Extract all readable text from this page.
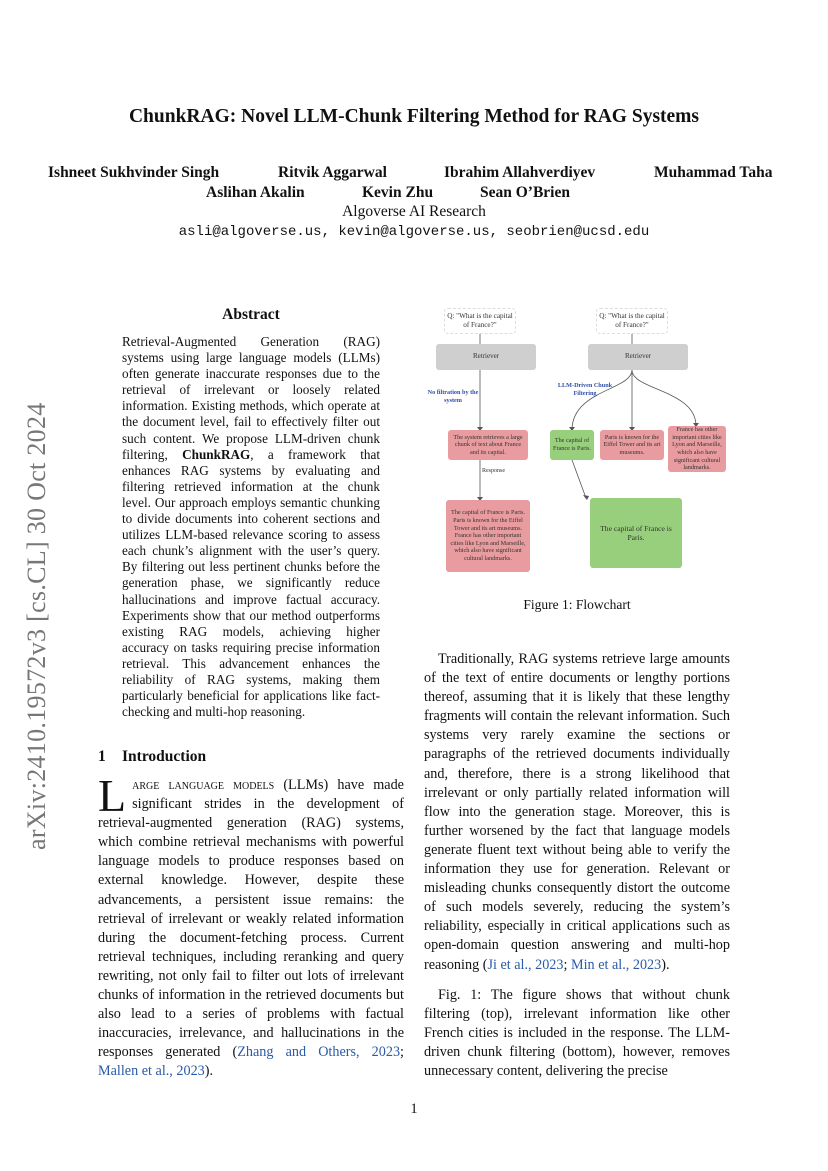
ChunkRAG: Novel LLM-Chunk Filtering Method for RAG Systems
Ishneet Sukhvinder Singh	Ritvik Aggarwal	Ibrahim Allahverdiyev	Muhammad Taha
Aslihan Akalin	Kevin Zhu	Sean O’Brien
Algoverse AI Research
asli@algoverse.us, kevin@algoverse.us, seobrien@ucsd.edu
arXiv:2410.19572v3 [cs.CL] 30 Oct 2024
Abstract
Retrieval-Augmented Generation (RAG) systems using large language models (LLMs) often generate inaccurate responses due to the retrieval of irrelevant or loosely related information. Existing methods, which operate at the document level, fail to effectively filter out such content. We propose LLM-driven chunk filtering, ChunkRAG, a framework that enhances RAG systems by evaluating and filtering retrieved information at the chunk level. Our approach employs semantic chunking to divide documents into coherent sections and utilizes LLM-based relevance scoring to assess each chunk’s alignment with the user’s query. By filtering out less pertinent chunks before the generation phase, we significantly reduce hallucinations and improve factual accuracy. Experiments show that our method outperforms existing RAG models, achieving higher accuracy on tasks requiring precise information retrieval. This advancement enhances the reliability of RAG systems, making them particularly beneficial for applications like fact-checking and multi-hop reasoning.
1 Introduction
Large language models (LLMs) have made significant strides in the development of retrieval-augmented generation (RAG) systems, which combine retrieval mechanisms with powerful language models to produce responses based on external knowledge. However, despite these advancements, a persistent issue remains: the retrieval of irrelevant or weakly related information during the document-fetching process. Current retrieval techniques, including reranking and query rewriting, not only fail to filter out lots of irrelevant chunks of information in the retrieved documents but also lead to a series of problems with factual inaccuracies, irrelevance, and hallucinations in the responses generated (Zhang and Others, 2023; Mallen et al., 2023).
Q: "What is the capital of France?"
Q: "What is the capital of France?"
Retriever	Retriever
No filtration by the system
LLM-Driven Chunk Filtering
The system retrieves a large chunk of text about France and its capital.
Response
The capital of France is Paris. Paris is known for the Eiffel Tower and its art museums. France has other important cities like Lyon and Marseille, which also have significant cultural landmarks.
The capital of France is Paris.
Paris is known for the Eiffel Tower and its art museums.
France has other important cities like Lyon and Marseille, which also have significant cultural landmarks.
The capital of France is Paris.
Figure 1: Flowchart

Traditionally, RAG systems retrieve large amounts of the text of entire documents or lengthy portions thereof, assuming that it is likely that these lengthy fragments will contain the relevant information. Such systems very rarely examine the sections or paragraphs of the retrieved documents individually and, therefore, there is a strong likelihood that irrelevant or only partially related information will flow into the generation stage. Moreover, this is further worsened by the fact that language models generate fluent text without being able to verify the information they use for generation. Relevant or misleading chunks consequently distort the outcome of such models severely, reducing the system’s reliability, especially in critical applications such as open-domain question answering and multi-hop reasoning (Ji et al., 2023; Min et al., 2023).

Fig. 1: The figure shows that without chunk filtering (top), irrelevant information like other French cities is included in the response. The LLM-driven chunk filtering (bottom), however, removes unnecessary content, delivering the precise

1
